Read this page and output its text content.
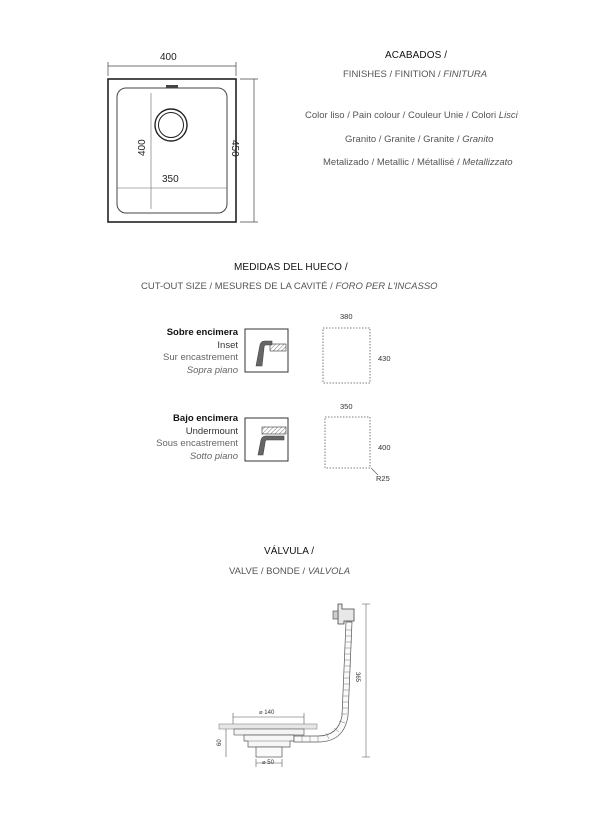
400
450
400
350
ACABADOS /
FINISHES / FINITION / FINITURA
Color liso / Pain colour / Couleur Unie / Colori Lisci
Granito / Granite / Granite / Granito
Metalizado / Metallic / Métallisé / Metallizzato
MEDIDAS DEL HUECO /
CUT-OUT SIZE / MESURES DE LA CAVITÉ / FORO PER L'INCASSO
Sobre encimera
Inset
Sur encastrement
Sopra piano
Bajo encimera
Undermount
Sous encastrement
Sotto piano
380
430
350
400
R25
VÁLVULA /
VALVE / BONDE / VALVOLA
⌀ 140
⌀ 50
365
60
